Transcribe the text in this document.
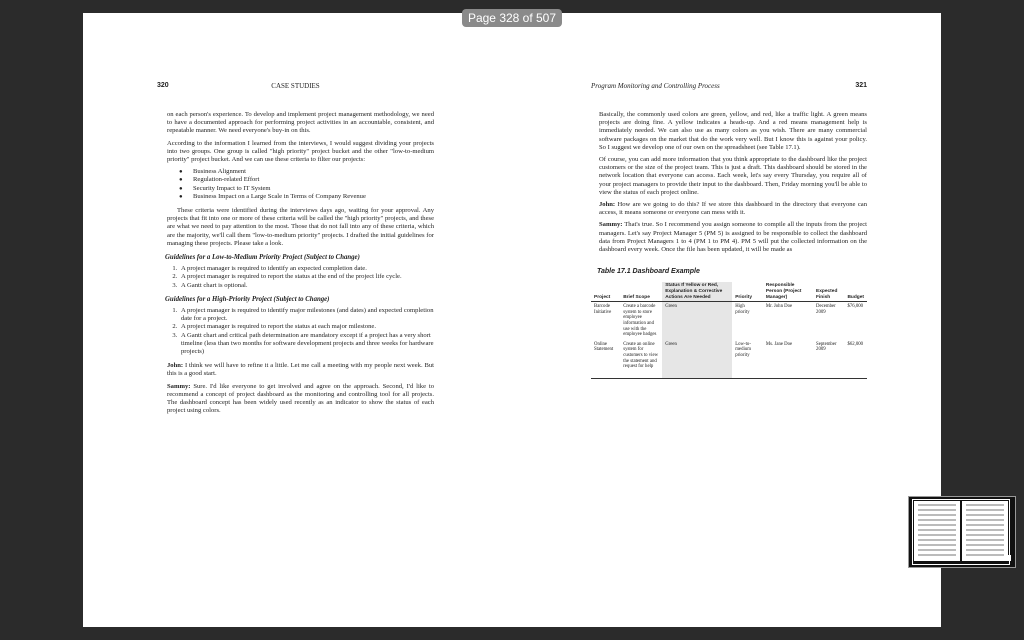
Page 328 of 507
320	CASE STUDIES

on each person's experience. To develop and implement project management methodology, we need to have a documented approach for performing project activities in an accountable, consistent, and repeatable manner. We need everyone's buy-in on this.

According to the information I learned from the interviews, I would suggest dividing your projects into two groups. One group is called "high priority" project bucket and the other "low-to-medium priority" project bucket. And we can use these criteria to filter our projects:

● Business Alignment
● Regulation-related Effort
● Security Impact to IT System
● Business Impact on a Large Scale in Terms of Company Revenue

These criteria were identified during the interviews days ago, waiting for your approval. Any projects that fit into one or more of these criteria will be called the "high priority" projects, and these are what we need to pay attention to the most. Those that do not fall into any of these criteria, which are the majority, we'll call them "low-to-medium priority" projects. I drafted the initial guidelines for managing these projects. Please take a look.

Guidelines for a Low-to-Medium Priority Project (Subject to Change)
1. A project manager is required to identify an expected completion date.
2. A project manager is required to report the status at the end of the project life cycle.
3. A Gantt chart is optional.
Guidelines for a High-Priority Project (Subject to Change)
1. A project manager is required to identify major milestones (and dates) and expected completion date for a project.
2. A project manager is required to report the status at each major milestone.
3. A Gantt chart and critical path determination are mandatory except if a project has a very short timeline (less than two months for software development projects and three weeks for hardware projects)

John: I think we will have to refine it a little. Let me call a meeting with my people next week. But this is a good start.

Sammy: Sure. I'd like everyone to get involved and agree on the approach. Second, I'd like to recommend a concept of project dashboard as the monitoring and controlling tool for all projects. The dashboard concept has been widely used recently as an indicator to show the status of each project using colors.

Program Monitoring and Controlling Process	321

Basically, the commonly used colors are green, yellow, and red, like a traffic light. A green means projects are doing fine. A yellow indicates a heads-up. And a red means management help is immediately needed. We can also use as many colors as you wish. There are many commercial software packages on the market that do the work very well. But I know this is against your policy. So I suggest we develop one of our own on the spreadsheet (see Table 17.1).

Of course, you can add more information that you think appropriate to the dashboard like the project customers or the size of the project team. This is just a draft. This dashboard should be stored in the network location that everyone can access. Each week, let's say every Thursday, you require all of your project managers to provide their input to the dashboard. Then, Friday morning you'll be able to view the status of each project online.

John: How are we going to do this? If we store this dashboard in the directory that everyone can access, it means someone or everyone can mess with it.

Sammy: That's true. So I recommend you assign someone to compile all the inputs from the project managers. Let's say Project Manager 5 (PM 5) is assigned to be responsible to collect the dashboard data from Project Managers 1 to 4 (PM 1 to PM 4). PM 5 will put the collected information on the dashboard every week. Once the file has been updated, it will be made as

Table 17.1 Dashboard Example
Project	Brief Scope	Status If Yellow or Red, Explanation & Corrective Actions Are Needed	Priority	Responsible Person (Project Manager)	Expected Finish	Budget
Barcode Initiative	Create a barcode system to store employee information and use with the employee badges	Green	High priority	Mr. John Doe	December 2009	$76,000
Online Statement	Create an online system for customers to view the statement and request for help	Green	Low-to-medium priority	Ms. Jane Doe	September 2009	$62,000
